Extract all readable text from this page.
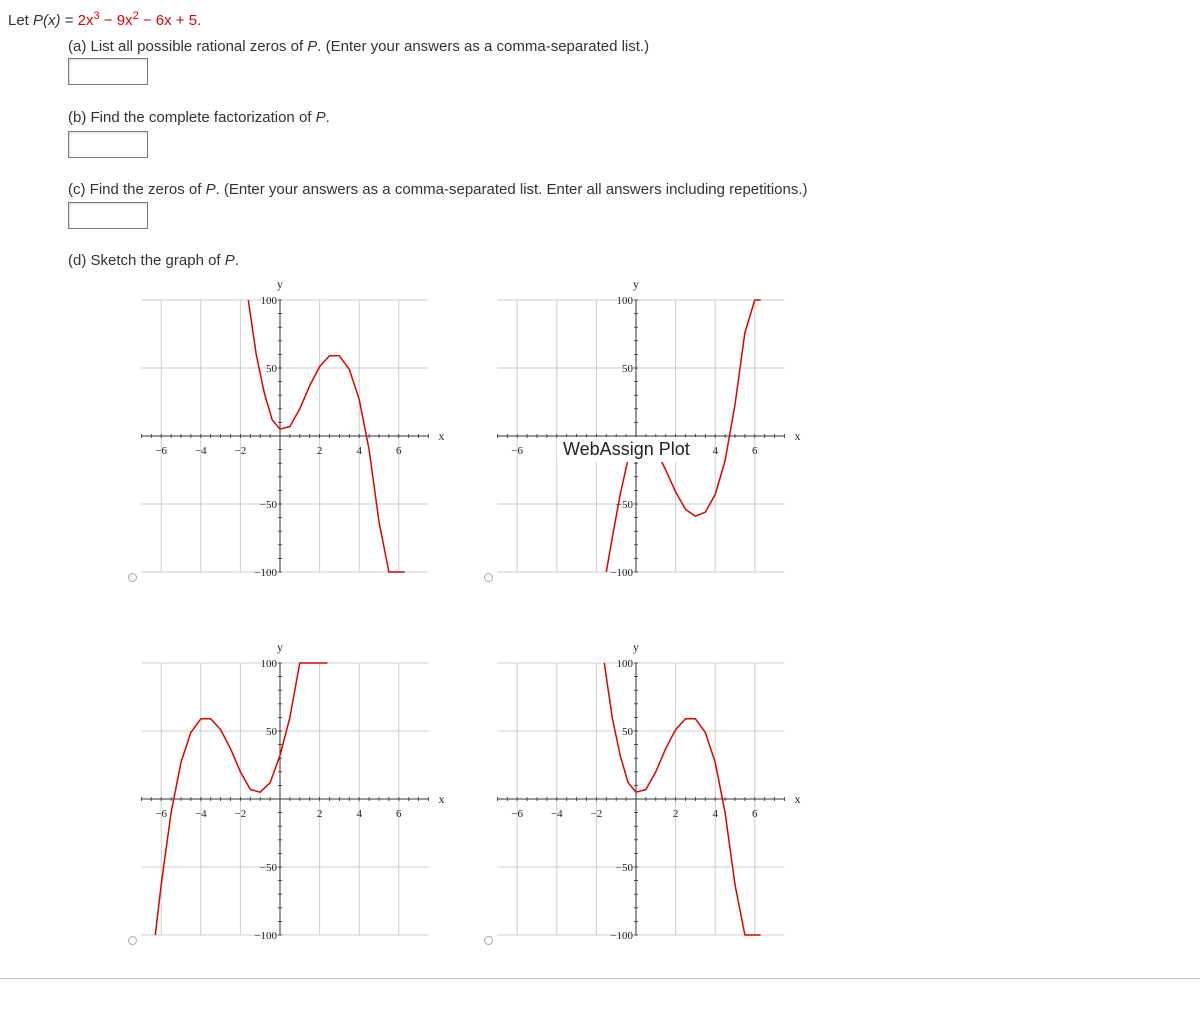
Let $P(x) = 2x^3 - 9x^2 - 6x + 5$.
(a) List all possible rational zeros of P. (Enter your answers as a comma-separated list.)
(b) Find the complete factorization of P.
(c) Find the zeros of P. (Enter your answers as a comma-separated list. Enter all answers including repetitions.)
(d) Sketch the graph of P.
−6	−4	−2	2	4	6
100
50
−50
−100
x
y
−6	4	6
100
50
−50
−100
x
y
−6	−4	−2	2	4	6
100
50
−50
−100
x
y
−6	−4	−2	2	4	6
100
50
−50
−100
x
y
WebAssign Plot
